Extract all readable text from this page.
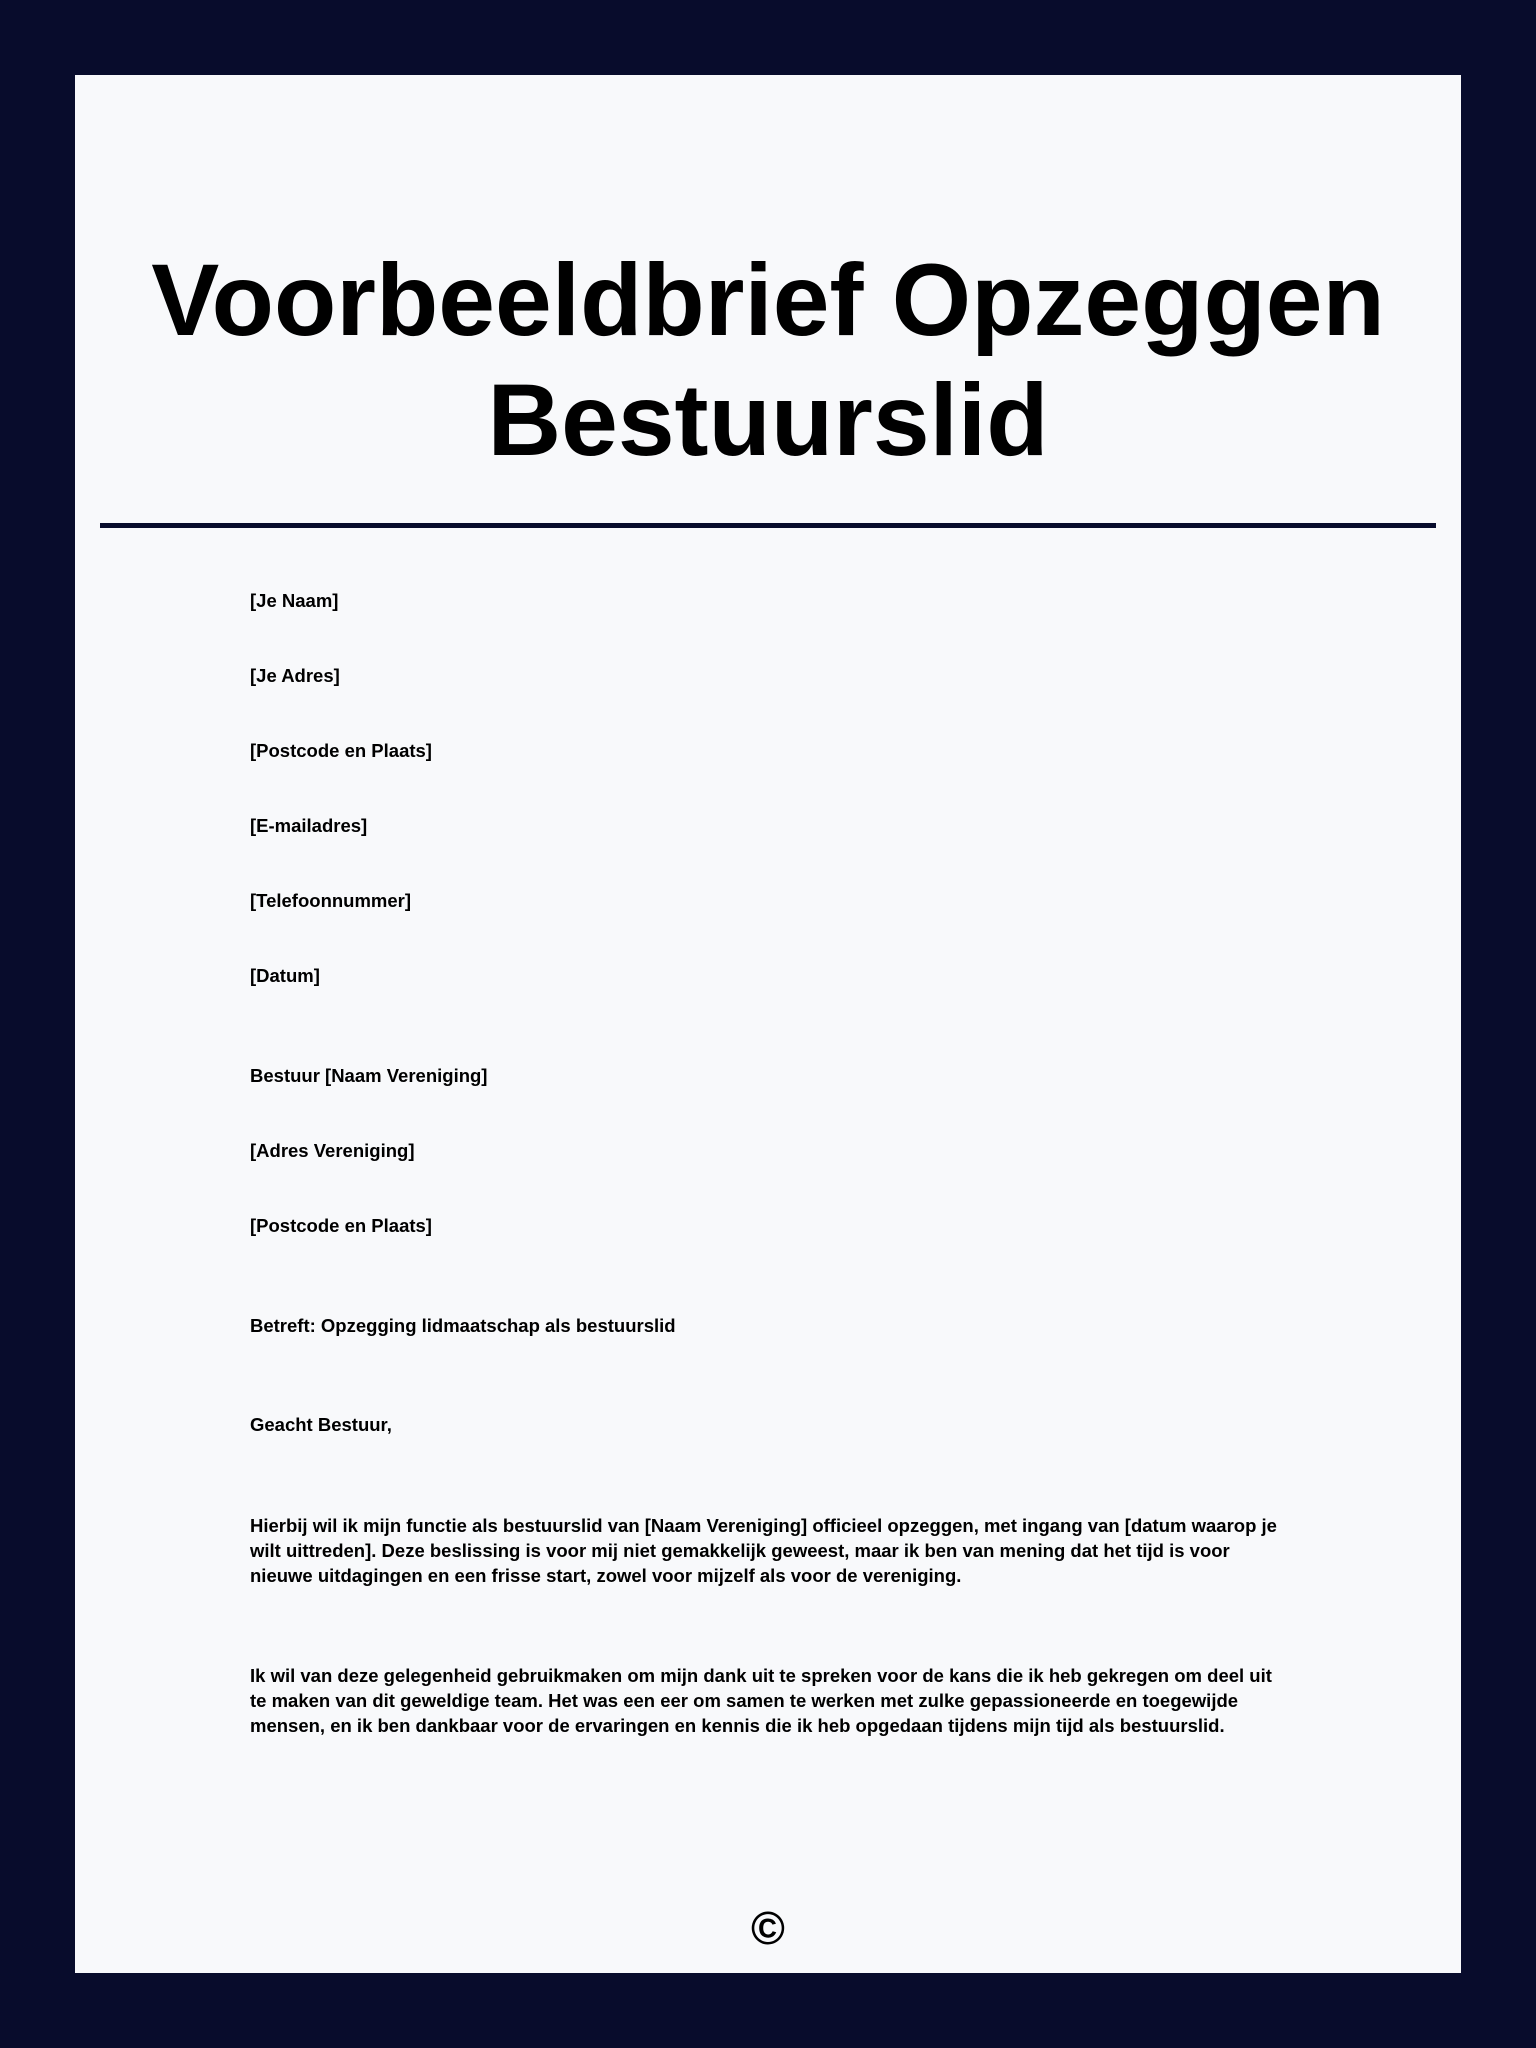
Voorbeeldbrief Opzeggen
Bestuurslid
[Je Naam]
[Je Adres]
[Postcode en Plaats]
[E-mailadres]
[Telefoonnummer]
[Datum]
Bestuur [Naam Vereniging]
[Adres Vereniging]
[Postcode en Plaats]
Betreft: Opzegging lidmaatschap als bestuurslid
Geacht Bestuur,
Hierbij wil ik mijn functie als bestuurslid van [Naam Vereniging] officieel opzeggen, met ingang van [datum waarop je wilt uittreden]. Deze beslissing is voor mij niet gemakkelijk geweest, maar ik ben van mening dat het tijd is voor nieuwe uitdagingen en een frisse start, zowel voor mijzelf als voor de vereniging.
Ik wil van deze gelegenheid gebruikmaken om mijn dank uit te spreken voor de kans die ik heb gekregen om deel uit te maken van dit geweldige team. Het was een eer om samen te werken met zulke gepassioneerde en toegewijde mensen, en ik ben dankbaar voor de ervaringen en kennis die ik heb opgedaan tijdens mijn tijd als bestuurslid.
©
